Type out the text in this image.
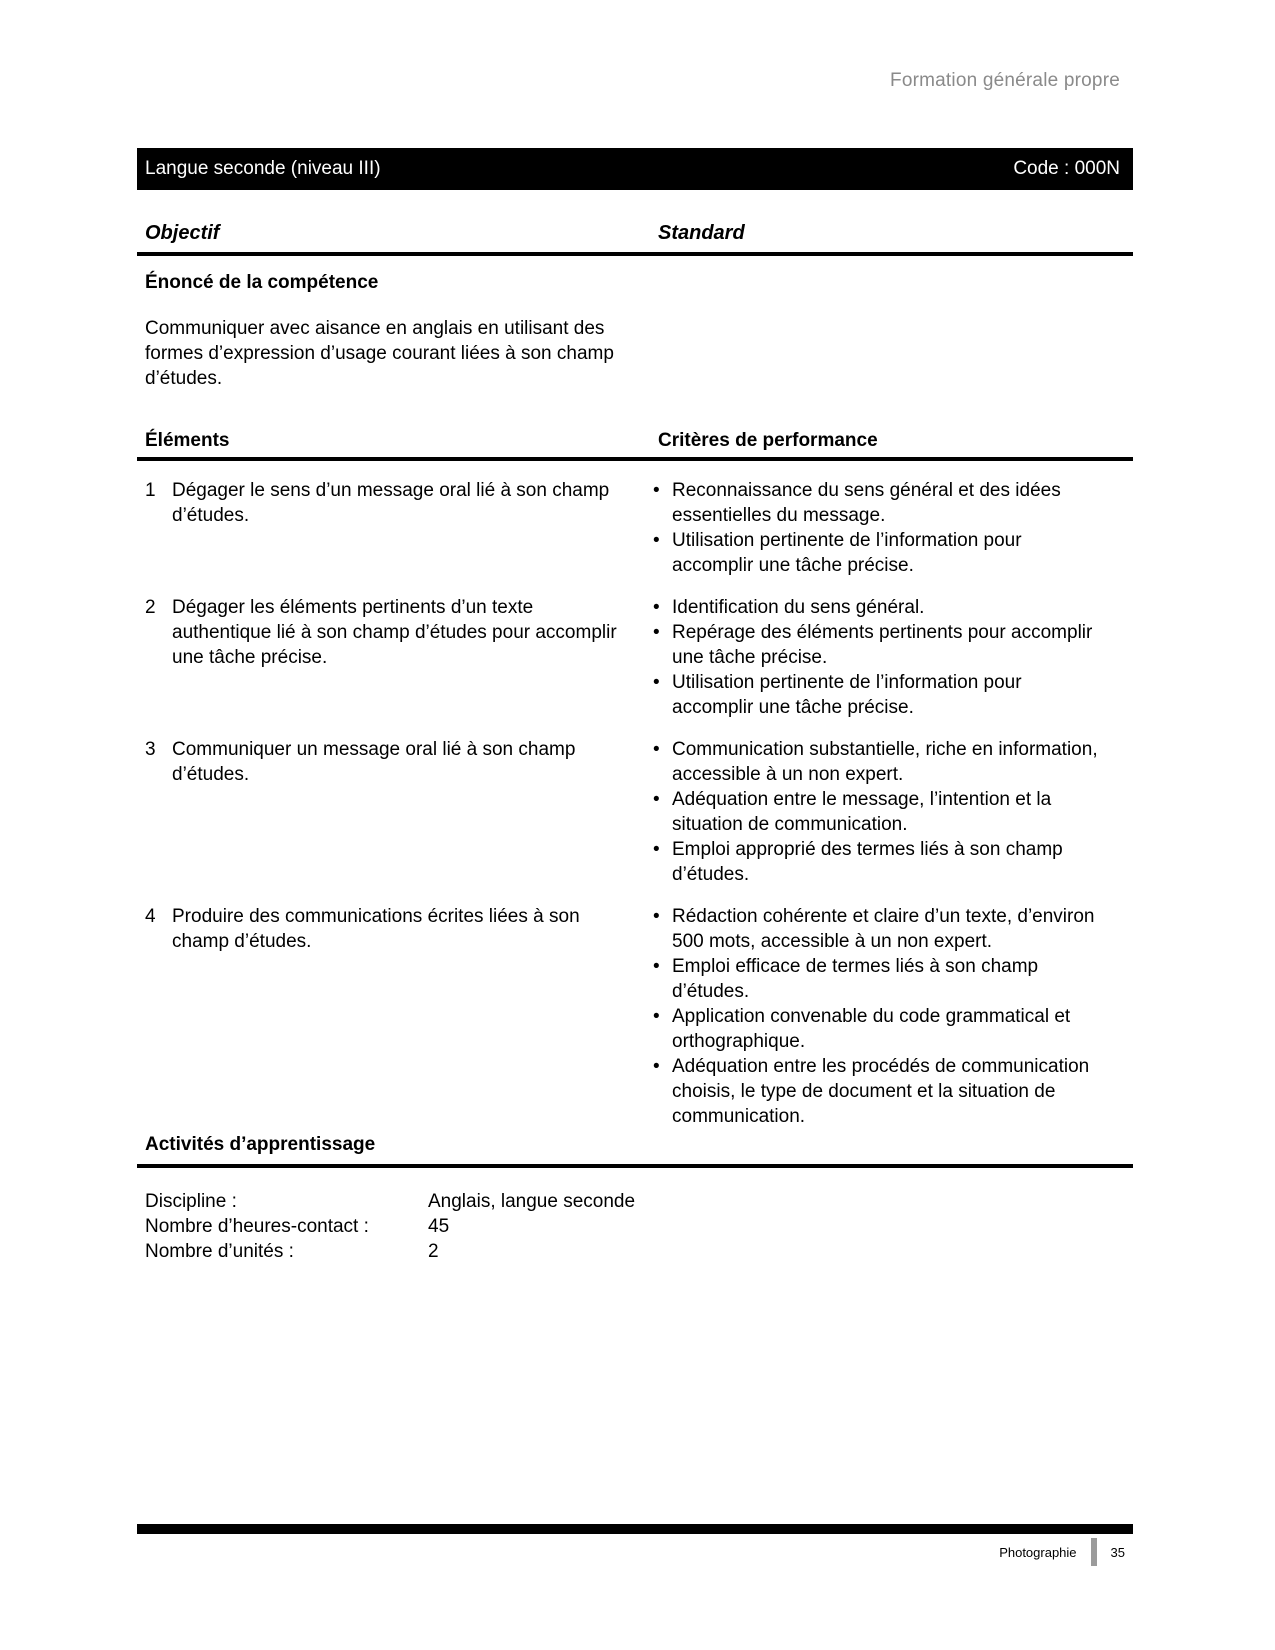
Formation générale propre
Langue seconde (niveau III)	Code : 000N
Objectif	Standard
Énoncé de la compétence
Communiquer avec aisance en anglais en utilisant des formes d’expression d’usage courant liées à son champ d’études.
Éléments	Critères de performance
1 Dégager le sens d’un message oral lié à son champ d’études.
• Reconnaissance du sens général et des idées essentielles du message.
• Utilisation pertinente de l’information pour accomplir une tâche précise.
2 Dégager les éléments pertinents d’un texte authentique lié à son champ d’études pour accomplir une tâche précise.
• Identification du sens général.
• Repérage des éléments pertinents pour accomplir une tâche précise.
• Utilisation pertinente de l’information pour accomplir une tâche précise.
3 Communiquer un message oral lié à son champ d’études.
• Communication substantielle, riche en information, accessible à un non expert.
• Adéquation entre le message, l’intention et la situation de communication.
• Emploi approprié des termes liés à son champ d’études.
4 Produire des communications écrites liées à son champ d’études.
• Rédaction cohérente et claire d’un texte, d’environ 500 mots, accessible à un non expert.
• Emploi efficace de termes liés à son champ d’études.
• Application convenable du code grammatical et orthographique.
• Adéquation entre les procédés de communication choisis, le type de document et la situation de communication.
Activités d’apprentissage
Discipline :	Anglais, langue seconde
Nombre d’heures-contact :	45
Nombre d’unités :	2
Photographie	35
